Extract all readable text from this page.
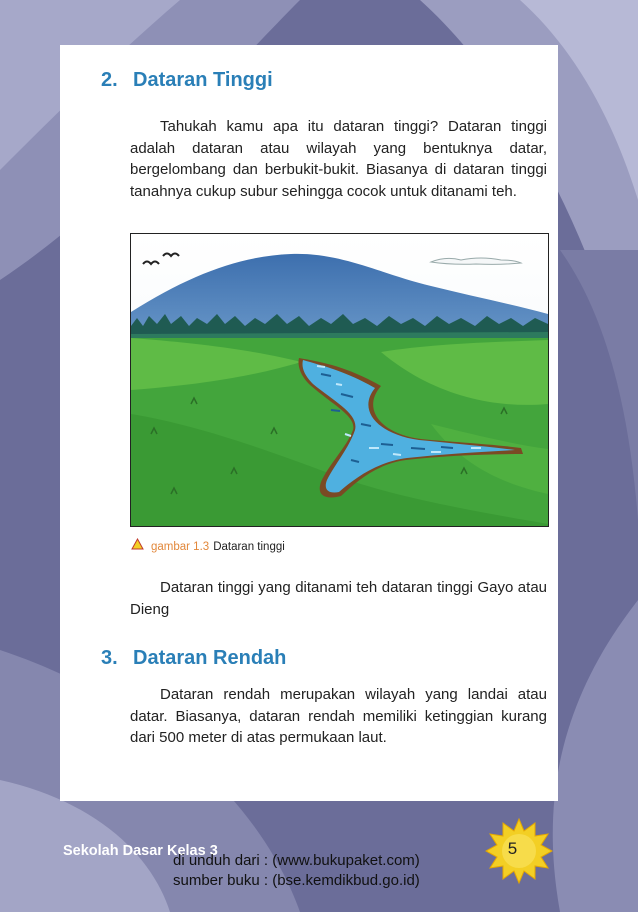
2. Dataran Tinggi

Tahukah kamu apa itu dataran tinggi? Dataran tinggi adalah dataran atau wilayah yang bentuknya datar, bergelombang dan berbukit-bukit. Biasanya di dataran tinggi tanahnya cukup subur sehingga cocok untuk ditanami teh.

gambar 1.3 Dataran tinggi

Dataran tinggi yang ditanami teh dataran tinggi Gayo atau Dieng

3. Dataran Rendah

Dataran rendah merupakan wilayah yang landai atau datar. Biasanya, dataran rendah memiliki ketinggian kurang dari 500 meter di atas permukaan laut.

Sekolah Dasar Kelas 3	5
di unduh dari : (www.bukupaket.com)
sumber buku : (bse.kemdikbud.go.id)
